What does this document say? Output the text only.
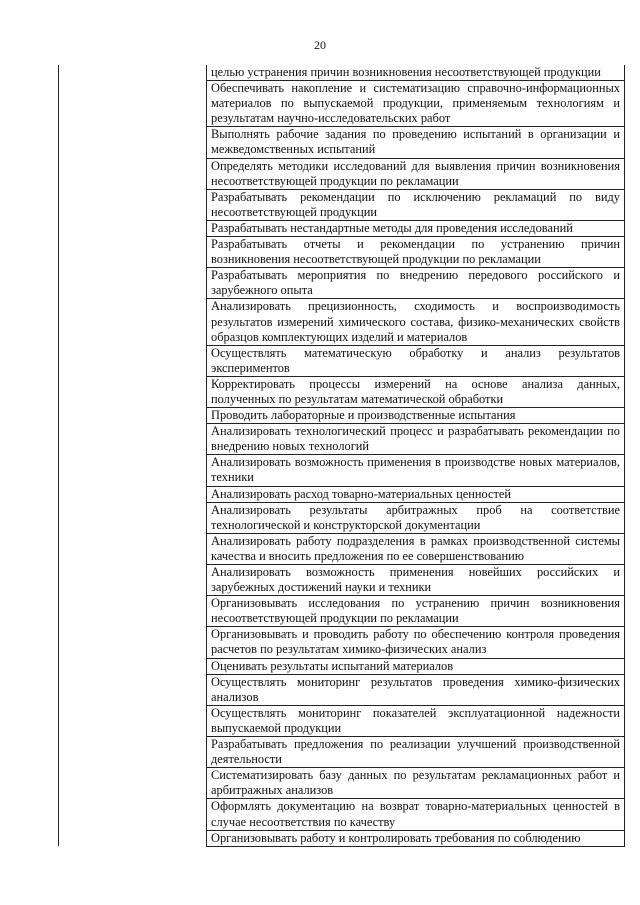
20
	целью устранения причин возникновения несоответствующей продукции
Обеспечивать накопление и систематизацию справочно-информационных материалов по выпускаемой продукции, применяемым технологиям и результатам научно-исследовательских работ
Выполнять рабочие задания по проведению испытаний в организации и межведомственных испытаний
Определять методики исследований для выявления причин возникновения несоответствующей продукции по рекламации
Разрабатывать рекомендации по исключению рекламаций по виду несоответствующей продукции
Разрабатывать нестандартные методы для проведения исследований
Разрабатывать отчеты и рекомендации по устранению причин возникновения несоответствующей продукции по рекламации
Разрабатывать мероприятия по внедрению передового российского и зарубежного опыта
Анализировать прецизионность, сходимость и воспроизводимость результатов измерений химического состава, физико-механических свойств образцов комплектующих изделий и материалов
Осуществлять математическую обработку и анализ результатов экспериментов
Корректировать процессы измерений на основе анализа данных, полученных по результатам математической обработки
Проводить лабораторные и производственные испытания
Анализировать технологический процесс и разрабатывать рекомендации по внедрению новых технологий
Анализировать возможность применения в производстве новых материалов, техники
Анализировать расход товарно-материальных ценностей
Анализировать результаты арбитражных проб на соответствие технологической и конструкторской документации
Анализировать работу подразделения в рамках производственной системы качества и вносить предложения по ее совершенствованию
Анализировать возможность применения новейших российских и зарубежных достижений науки и техники
Организовывать исследования по устранению причин возникновения несоответствующей продукции по рекламации
Организовывать и проводить работу по обеспечению контроля проведения расчетов по результатам химико-физических анализ
Оценивать результаты испытаний материалов
Осуществлять мониторинг результатов проведения химико-физических анализов
Осуществлять мониторинг показателей эксплуатационной надежности выпускаемой продукции
Разрабатывать предложения по реализации улучшений производственной деятельности
Систематизировать базу данных по результатам рекламационных работ и арбитражных анализов
Оформлять документацию на возврат товарно-материальных ценностей в случае несоответствия по качеству

Организовывать работу и контролировать требования по соблюдению
